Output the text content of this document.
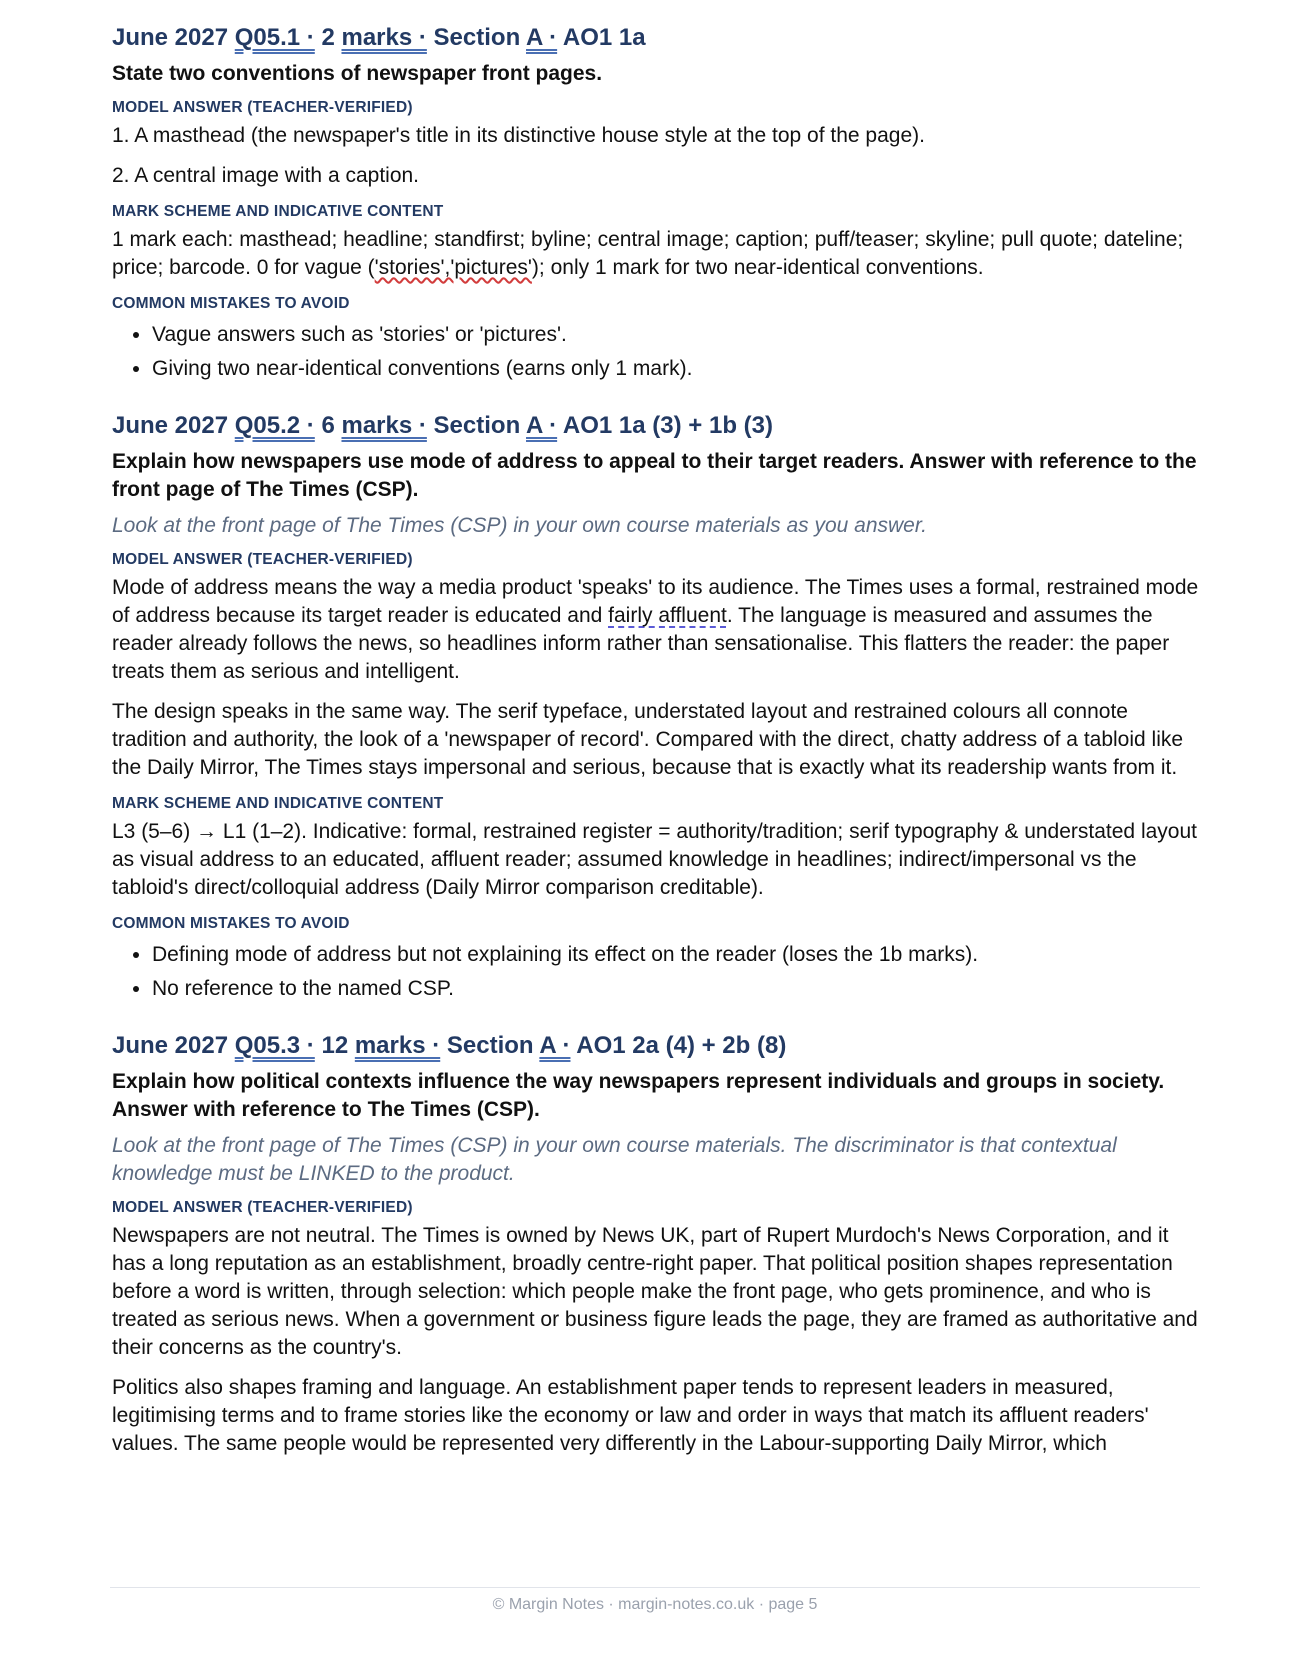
June 2027 Q05.1 · 2 marks · Section A · AO1 1a

State two conventions of newspaper front pages.

MODEL ANSWER (TEACHER-VERIFIED)

1. A masthead (the newspaper's title in its distinctive house style at the top of the page).

2. A central image with a caption.

MARK SCHEME AND INDICATIVE CONTENT

1 mark each: masthead; headline; standfirst; byline; central image; caption; puff/teaser; skyline; pull quote; dateline; price; barcode. 0 for vague ('stories','pictures'); only 1 mark for two near-identical conventions.

COMMON MISTAKES TO AVOID
• Vague answers such as 'stories' or 'pictures'.
• Giving two near-identical conventions (earns only 1 mark).
June 2027 Q05.2 · 6 marks · Section A · AO1 1a (3) + 1b (3)

Explain how newspapers use mode of address to appeal to their target readers. Answer with reference to the front page of The Times (CSP).

Look at the front page of The Times (CSP) in your own course materials as you answer.

MODEL ANSWER (TEACHER-VERIFIED)

Mode of address means the way a media product 'speaks' to its audience. The Times uses a formal, restrained mode of address because its target reader is educated and fairly affluent. The language is measured and assumes the reader already follows the news, so headlines inform rather than sensationalise. This flatters the reader: the paper treats them as serious and intelligent.

The design speaks in the same way. The serif typeface, understated layout and restrained colours all connote tradition and authority, the look of a 'newspaper of record'. Compared with the direct, chatty address of a tabloid like the Daily Mirror, The Times stays impersonal and serious, because that is exactly what its readership wants from it.

MARK SCHEME AND INDICATIVE CONTENT

L3 (5–6) → L1 (1–2). Indicative: formal, restrained register = authority/tradition; serif typography & understated layout as visual address to an educated, affluent reader; assumed knowledge in headlines; indirect/impersonal vs the tabloid's direct/colloquial address (Daily Mirror comparison creditable).

COMMON MISTAKES TO AVOID
• Defining mode of address but not explaining its effect on the reader (loses the 1b marks).
• No reference to the named CSP.
June 2027 Q05.3 · 12 marks · Section A · AO1 2a (4) + 2b (8)

Explain how political contexts influence the way newspapers represent individuals and groups in society. Answer with reference to The Times (CSP).

Look at the front page of The Times (CSP) in your own course materials. The discriminator is that contextual knowledge must be LINKED to the product.

MODEL ANSWER (TEACHER-VERIFIED)

Newspapers are not neutral. The Times is owned by News UK, part of Rupert Murdoch's News Corporation, and it has a long reputation as an establishment, broadly centre-right paper. That political position shapes representation before a word is written, through selection: which people make the front page, who gets prominence, and who is treated as serious news. When a government or business figure leads the page, they are framed as authoritative and their concerns as the country's.

Politics also shapes framing and language. An establishment paper tends to represent leaders in measured, legitimising terms and to frame stories like the economy or law and order in ways that match its affluent readers' values. The same people would be represented very differently in the Labour-supporting Daily Mirror, which

© Margin Notes · margin-notes.co.uk · page 5
